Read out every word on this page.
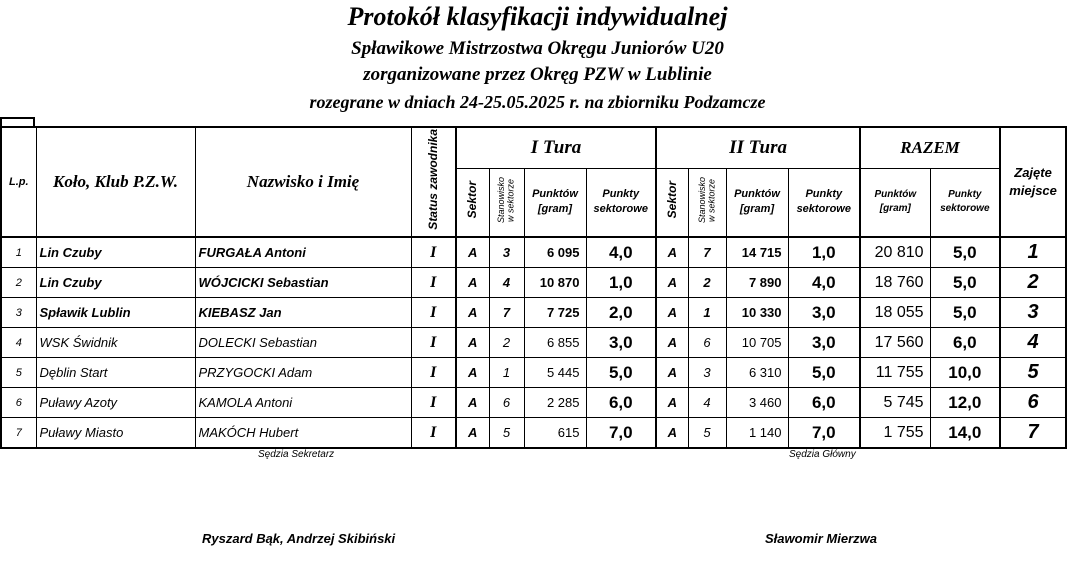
Protokół klasyfikacji indywidualnej
Spławikowe Mistrzostwa Okręgu Juniorów U20
zorganizowane przez Okręg PZW w Lublinie
rozegrane w dniach 24-25.05.2025 r. na zbiorniku Podzamcze
L.p.	Koło, Klub P.Z.W.	Nazwisko i Imię	Status zawodnika	I Tura				II Tura				RAZEM		Zajęte miejsce
				Sektor	Stanowisko w sektorze	Punktów [gram]	Punkty sektorowe	Sektor	Stanowisko w sektorze	Punktów [gram]	Punkty sektorowe	Punktów [gram]	Punkty sektorowe	
1	Lin Czuby	FURGAŁA Antoni	I	A	3	6 095	4,0	A	7	14 715	1,0	20 810	5,0	1
2	Lin Czuby	WÓJCICKI Sebastian	I	A	4	10 870	1,0	A	2	7 890	4,0	18 760	5,0	2
3	Spławik Lublin	KIEBASZ Jan	I	A	7	7 725	2,0	A	1	10 330	3,0	18 055	5,0	3
4	WSK Świdnik	DOLECKI Sebastian	I	A	2	6 855	3,0	A	6	10 705	3,0	17 560	6,0	4
5	Dęblin Start	PRZYGOCKI Adam	I	A	1	5 445	5,0	A	3	6 310	5,0	11 755	10,0	5
6	Puławy Azoty	KAMOLA Antoni	I	A	6	2 285	6,0	A	4	3 460	6,0	5 745	12,0	6
7	Puławy Miasto	MAKÓCH Hubert	I	A	5	615	7,0	A	5	1 140	7,0	1 755	14,0	7
Sędzia Sekretarz	Sędzia Główny
Ryszard Bąk, Andrzej Skibiński	Sławomir Mierzwa
